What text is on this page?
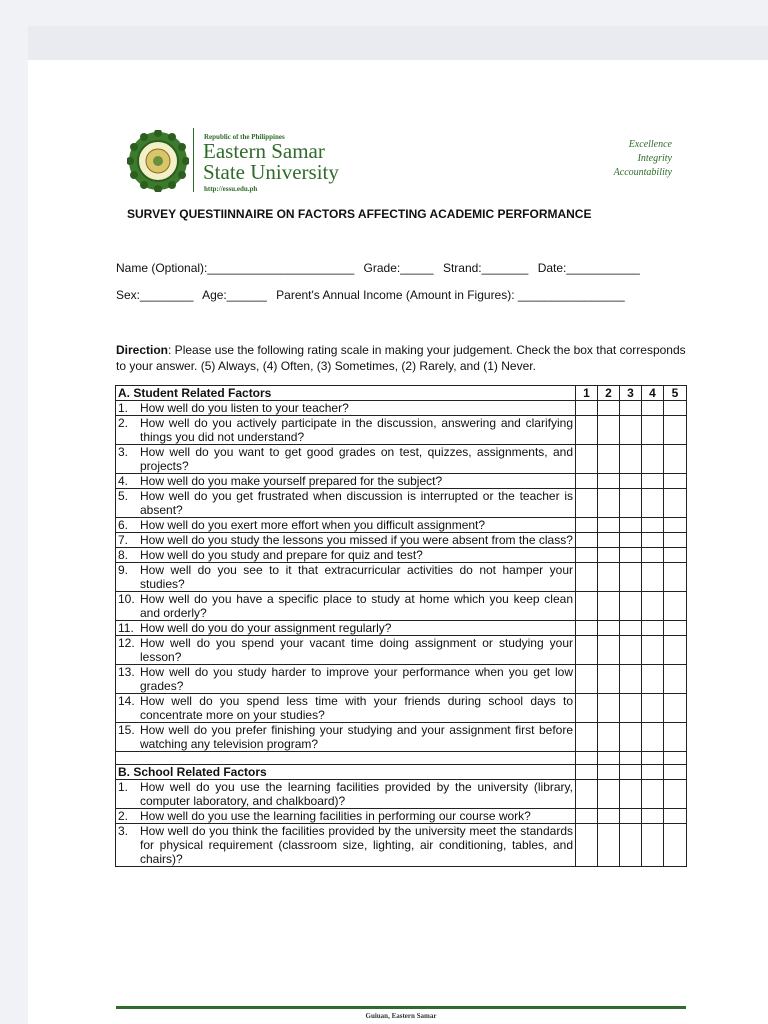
Republic of the Philippines
Eastern Samar
State University
http://essu.edu.ph
Excellence
Integrity
Accountability
SURVEY QUESTIINNAIRE ON FACTORS AFFECTING ACADEMIC PERFORMANCE
Name (Optional):______________________ Grade:_____ Strand:_______ Date:___________
Sex:________ Age:______ Parent's Annual Income (Amount in Figures): ________________
Direction: Please use the following rating scale in making your judgement. Check the box that corresponds to your answer. (5) Always, (4) Often, (3) Sometimes, (2) Rarely, and (1) Never.
A. Student Related Factors	1	2	3	4	5

1. How well do you listen to your teacher?					

2. How well do you actively participate in the discussion, answering and clarifying things you did not understand?					

3. How well do you want to get good grades on test, quizzes, assignments, and projects?					

4. How well do you make yourself prepared for the subject?					

5. How well do you get frustrated when discussion is interrupted or the teacher is absent?					

6. How well do you exert more effort when you difficult assignment?					

7. How well do you study the lessons you missed if you were absent from the class?					

8. How well do you study and prepare for quiz and test?					

9. How well do you see to it that extracurricular activities do not hamper your studies?					

10. How well do you have a specific place to study at home which you keep clean and orderly?					

11. How well do you do your assignment regularly?					

12. How well do you spend your vacant time doing assignment or studying your lesson?					

13. How well do you study harder to improve your performance when you get low grades?					

14. How well do you spend less time with your friends during school days to concentrate more on your studies?					

15. How well do you prefer finishing your studying and your assignment first before watching any television program?					

B. School Related Factors					

1. How well do you use the learning facilities provided by the university (library, computer laboratory, and chalkboard)?					

2. How well do you use the learning facilities in performing our course work?					

3. How well do you think the facilities provided by the university meet the standards for physical requirement (classroom size, lighting, air conditioning, tables, and chairs)?					

Guiuan, Eastern Samar
